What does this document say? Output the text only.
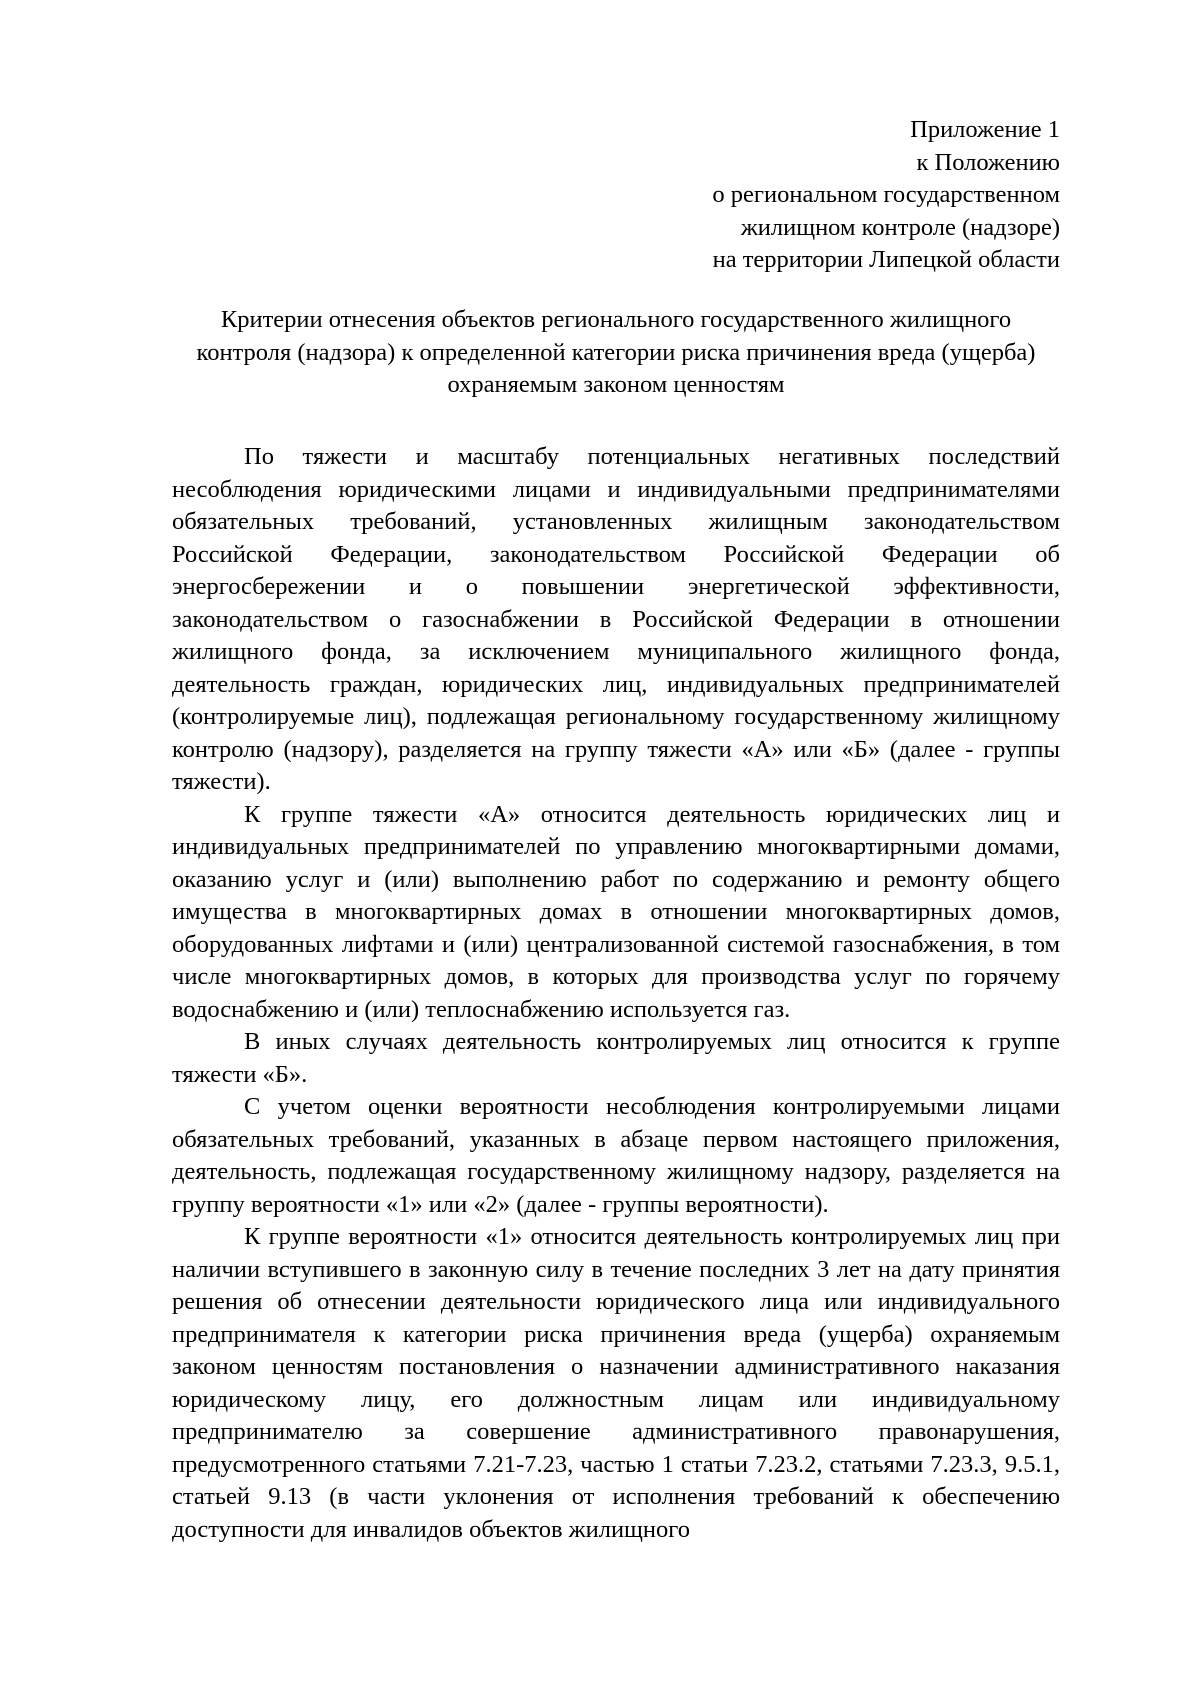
Приложение 1
к Положению
о региональном государственном
жилищном контроле (надзоре)
на территории Липецкой области
Критерии отнесения объектов регионального государственного жилищного
контроля (надзора) к определенной категории риска причинения вреда (ущерба)
охраняемым законом ценностям

По тяжести и масштабу потенциальных негативных последствий несоблюдения юридическими лицами и индивидуальными предпринимателями обязательных требований, установленных жилищным законодательством Российской Федерации, законодательством Российской Федерации об энергосбережении и о повышении энергетической эффективности, законодательством о газоснабжении в Российской Федерации в отношении жилищного фонда, за исключением муниципального жилищного фонда, деятельность граждан, юридических лиц, индивидуальных предпринимателей (контролируемые лиц), подлежащая региональному государственному жилищному контролю (надзору), разделяется на группу тяжести «А» или «Б» (далее - группы тяжести).

К группе тяжести «А» относится деятельность юридических лиц и индивидуальных предпринимателей по управлению многоквартирными домами, оказанию услуг и (или) выполнению работ по содержанию и ремонту общего имущества в многоквартирных домах в отношении многоквартирных домов, оборудованных лифтами и (или) централизованной системой газоснабжения, в том числе многоквартирных домов, в которых для производства услуг по горячему водоснабжению и (или) теплоснабжению используется газ.

В иных случаях деятельность контролируемых лиц относится к группе тяжести «Б».

С учетом оценки вероятности несоблюдения контролируемыми лицами обязательных требований, указанных в абзаце первом настоящего приложения, деятельность, подлежащая государственному жилищному надзору, разделяется на группу вероятности «1» или «2» (далее - группы вероятности).

К группе вероятности «1» относится деятельность контролируемых лиц при наличии вступившего в законную силу в течение последних 3 лет на дату принятия решения об отнесении деятельности юридического лица или индивидуального предпринимателя к категории риска причинения вреда (ущерба) охраняемым законом ценностям постановления о назначении административного наказания юридическому лицу, его должностным лицам или индивидуальному предпринимателю за совершение административного правонарушения, предусмотренного статьями 7.21-7.23, частью 1 статьи 7.23.2, статьями 7.23.3, 9.5.1, статьей 9.13 (в части уклонения от исполнения требований к обеспечению доступности для инвалидов объектов жилищного
